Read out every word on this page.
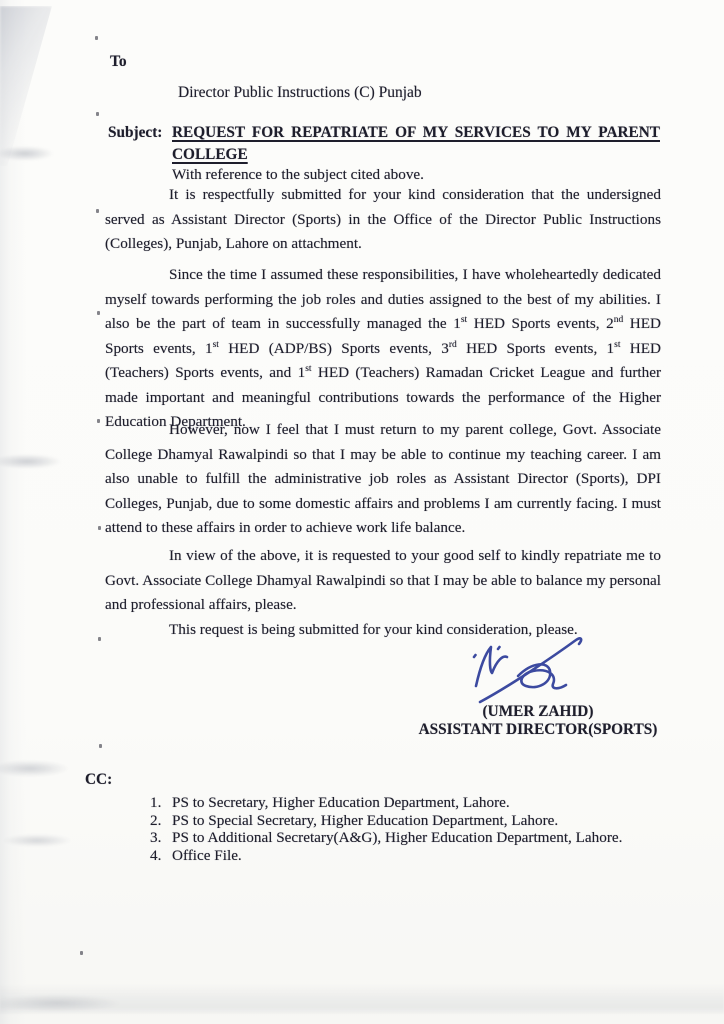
To
Director Public Instructions (C) Punjab
Subject: REQUEST FOR REPATRIATE OF MY SERVICES TO MY PARENT COLLEGE
With reference to the subject cited above.

It is respectfully submitted for your kind consideration that the undersigned served as Assistant Director (Sports) in the Office of the Director Public Instructions (Colleges), Punjab, Lahore on attachment.

Since the time I assumed these responsibilities, I have wholeheartedly dedicated myself towards performing the job roles and duties assigned to the best of my abilities. I also be the part of team in successfully managed the 1st HED Sports events, 2nd HED Sports events, 1st HED (ADP/BS) Sports events, 3rd HED Sports events, 1st HED (Teachers) Sports events, and 1st HED (Teachers) Ramadan Cricket League and further made important and meaningful contributions towards the performance of the Higher Education Department.

However, now I feel that I must return to my parent college, Govt. Associate College Dhamyal Rawalpindi so that I may be able to continue my teaching career. I am also unable to fulfill the administrative job roles as Assistant Director (Sports), DPI Colleges, Punjab, due to some domestic affairs and problems I am currently facing. I must attend to these affairs in order to achieve work life balance.

In view of the above, it is requested to your good self to kindly repatriate me to Govt. Associate College Dhamyal Rawalpindi so that I may be able to balance my personal and professional affairs, please.

This request is being submitted for your kind consideration, please.

(UMER ZAHID)
ASSISTANT DIRECTOR(SPORTS)
CC:
1. PS to Secretary, Higher Education Department, Lahore.
2. PS to Special Secretary, Higher Education Department, Lahore.
3. PS to Additional Secretary(A&G), Higher Education Department, Lahore.
4. Office File.
